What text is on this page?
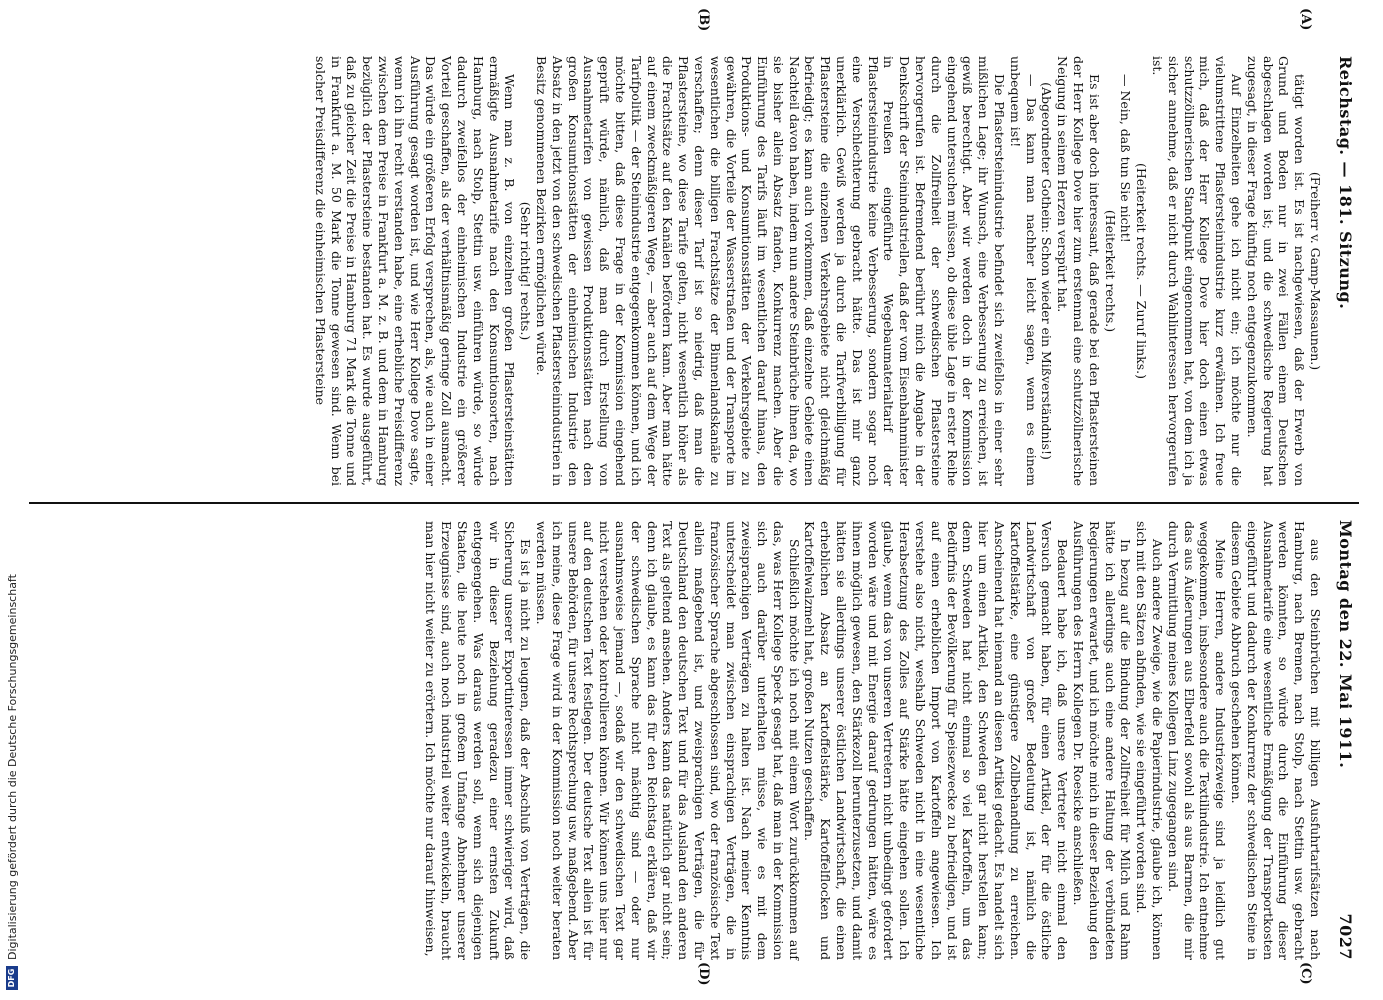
Reichstag. — 181. Sitzung.
Montag den 22. Mai 1911.
7027
(A)
(B)
(C)
(D)

(Freiherr v. Gamp-Massaunen.)

tätigt worden ist. Es ist nachgewiesen, daß der Erwerb von Grund und Boden nur in zwei Fällen einem Deutschen abgeschlagen worden ist; und die schwedische Regierung hat zugesagt, in dieser Frage künftig noch entgegenzukommen.

Auf Einzelheiten gehe ich nicht ein; ich möchte nur die vielumstrittene Pflastersteinindustrie kurz erwähnen. Ich freue mich, daß der Herr Kollege Dove hier doch einen etwas schutzzöllnerischen Standpunkt eingenommen hat, von dem ich ja sicher annehme, daß er nicht durch Wahlinteressen hervorgerufen ist.

(Heiterkeit rechts. — Zuruf links.)

— Nein, daß tun Sie nicht!

(Heiterkeit rechts.)

Es ist aber doch interessant, daß gerade bei den Pflastersteinen der Herr Kollege Dove hier zum erstenmal eine schutzzöllnerische Neigung in seinem Herzen verspürt hat.

(Abgeordneter Gothein: Schon wieder ein Mißverständnis!)

— Das kann man nachher leicht sagen, wenn es einem unbequem ist!

Die Pflastersteinindustrie befindet sich zweifellos in einer sehr mißlichen Lage; ihr Wunsch, eine Verbesserung zu erreichen, ist gewiß berechtigt. Aber wir werden doch in der Kommission eingehend untersuchen müssen, ob diese üble Lage in erster Reihe durch die Zollfreiheit der schwedischen Pflastersteine hervorgerufen ist. Befremdend berührt mich die Angabe in der Denkschrift der Steinindustriellen, daß der vom Eisenbahnminister in Preußen eingeführte Wegebaumaterialtarif der Pflastersteinindustrie keine Verbesserung, sondern sogar noch eine Verschlechterung gebracht hätte. Das ist mir ganz unerklärlich. Gewiß werden ja durch die Tarifverbilligung für Pflastersteine die einzelnen Verkehrsgebiete nicht gleichmäßig befriedigt; es kann auch vorkommen, daß einzelne Gebiete einen Nachteil davon haben, indem nun andere Steinbrüche ihnen da, wo sie bisher allein Absatz fanden, Konkurrenz machen. Aber die Einführung des Tarifs läuft im wesentlichen darauf hinaus, den Produktions- und Konsumtionsstätten der Verkehrsgebiete zu gewähren, die Vorteile der Wasserstraßen und der Transporte im wesentlichen die billigen Frachtsätze der Binnenlandskanäle zu verschaffen; denn dieser Tarif ist so niedrig, daß man die Pflastersteine, wo diese Tarife gelten, nicht wesentlich höher als die Frachtsätze auf den Kanälen befördern kann. Aber man hätte auf einem zweckmäßigeren Wege, — aber auch auf dem Wege der Tarifpolitik — der Steinindustrie entgegenkommen können, und ich möchte bitten, daß diese Frage in der Kommission eingehend geprüft würde, nämlich, daß man durch Erstellung von Ausnahmetarifen von gewissen Produktionsstätten nach den großen Konsumtionsstätten der einheimischen Industrie den Absatz in den jetzt von den schwedischen Pflastersteinindustrien in Besitz genommenen Bezirken ermöglichen würde.

(Sehr richtig! rechts.)

Wenn man z. B. von einzelnen großen Pflastersteinstätten ermäßigte Ausnahmetarife nach den Konsumtionsorten, nach Hamburg, nach Stolp, Stettin usw. einführen würde, so würde dadurch zweifellos der einheimischen Industrie ein größerer Vorteil geschaffen, als der verhältnismäßig geringe Zoll ausmacht. Das würde ein größeren Erfolg versprechen, als, wie auch in einer Ausführung gesagt worden ist, und wie Herr Kollege Dove sagte, wenn ich ihn recht verstanden habe, eine erhebliche Preisdifferenz zwischen dem Preise in Frankfurt a. M. z. B. und dem in Hamburg bezüglich der Pflastersteine bestanden hat. Es wurde ausgeführt, daß zu gleicher Zeit die Preise in Hamburg 71 Mark die Tonne und in Frankfurt a. M. 50 Mark die Tonne gewesen sind. Wenn bei solcher Preisdifferenz die einheimischen Pflastersteine

aus den Steinbrüchen mit billigen Ausfuhrtarifsätzen nach Hamburg, nach Bremen, nach Stolp, nach Stettin usw. gebracht werden könnten, so würde durch die Einführung dieser Ausnahmetarife eine wesentliche Ermäßigung der Transportkosten eingeführt und dadurch der Konkurrenz der schwedischen Steine in diesem Gebiete Abbruch geschehen können.

Meine Herren, andere Industriezweige sind ja leidlich gut weggekommen, insbesondere auch die Textilindustrie. Ich entnehme das aus Äußerungen aus Elberfeld sowohl als aus Barmen, die mir durch Vermittlung meines Kollegen Linz zugegangen sind.

Auch andere Zweige, wie die Papierindustrie, glaube ich, können sich mit den Sätzen abfinden, wie sie eingeführt worden sind.

In bezug auf die Bindung der Zollfreiheit für Milch und Rahm hätte ich allerdings auch eine andere Haltung der verbündeten Regierungen erwartet, und ich möchte mich in dieser Beziehung den Ausführungen des Herrn Kollegen Dr. Roesicke anschließen.

Bedauert habe ich, daß unsere Vertreter nicht einmal den Versuch gemacht haben, für einen Artikel, der für die östliche Landwirtschaft von großer Bedeutung ist, nämlich die Kartoffelstärke, eine günstigere Zollbehandlung zu erreichen. Anscheinend hat niemand an diesen Artikel gedacht. Es handelt sich hier um einen Artikel, den Schweden gar nicht herstellen kann; denn Schweden hat nicht einmal so viel Kartoffeln, um das Bedürfnis der Bevölkerung für Speisezwecke zu befriedigen, und ist auf einen erheblichen Import von Kartoffeln angewiesen. Ich verstehe also nicht, weshalb Schweden nicht in eine wesentliche Herabsetzung des Zolles auf Stärke hätte eingehen sollen. Ich glaube, wenn das von unseren Vertretern nicht unbedingt gefordert worden wäre und mit Energie darauf gedrungen hätten, wäre es ihnen möglich gewesen, den Stärkezoll herunterzusetzen, und damit hätten sie allerdings unserer östlichen Landwirtschaft, die einen erheblichen Absatz an Kartoffelstärke, Kartoffelflocken und Kartoffelwalzmehl hat, großen Nutzen geschaffen.

Schließlich möchte ich noch mit einem Wort zurückkommen auf das, was Herr Kollege Speck gesagt hat, daß man in der Kommission sich auch darüber unterhalten müsse, wie es mit dem zweisprachigen Verträgen zu halten ist. Nach meiner Kenntnis unterscheidet man zwischen einsprachigen Verträgen, die in französischer Sprache abgeschlossen sind, wo der französische Text allein maßgebend ist, und zweisprachigen Verträgen, die für Deutschland den deutschen Text und für das Ausland den anderen Text als geltend ansehen. Anders kann das natürlich gar nicht sein; denn ich glaube, es kann das für den Reichstag erklären, daß wir der schwedischen Sprache nicht mächtig sind — oder nur ausnahmsweise jemand —, sodaß wir den schwedischen Text gar nicht verstehen oder kontrollieren können. Wir können uns hier nur auf den deutschen Text festlegen. Der deutsche Text allein ist für unsere Behörden, für unsere Rechtsprechung usw. maßgebend. Aber ich meine, diese Frage wird in der Kommission noch weiter beraten werden müssen.

Es ist ja nicht zu leugnen, daß der Abschluß von Verträgen, die Sicherung unserer Exportinteressen immer schwieriger wird, daß wir in dieser Beziehung geradezu einer ernsten Zukunft entgegengehen. Was daraus werden soll, wenn sich diejenigen Staaten, die heute noch in großem Umfange Abnehmer unserer Erzeugnisse sind, auch noch industriell weiter entwickeln, braucht man hier nicht weiter zu erörtern. Ich möchte nur darauf hinweisen,

DFG
Digitalisierung gefördert durch die Deutsche Forschungsgemeinschaft
